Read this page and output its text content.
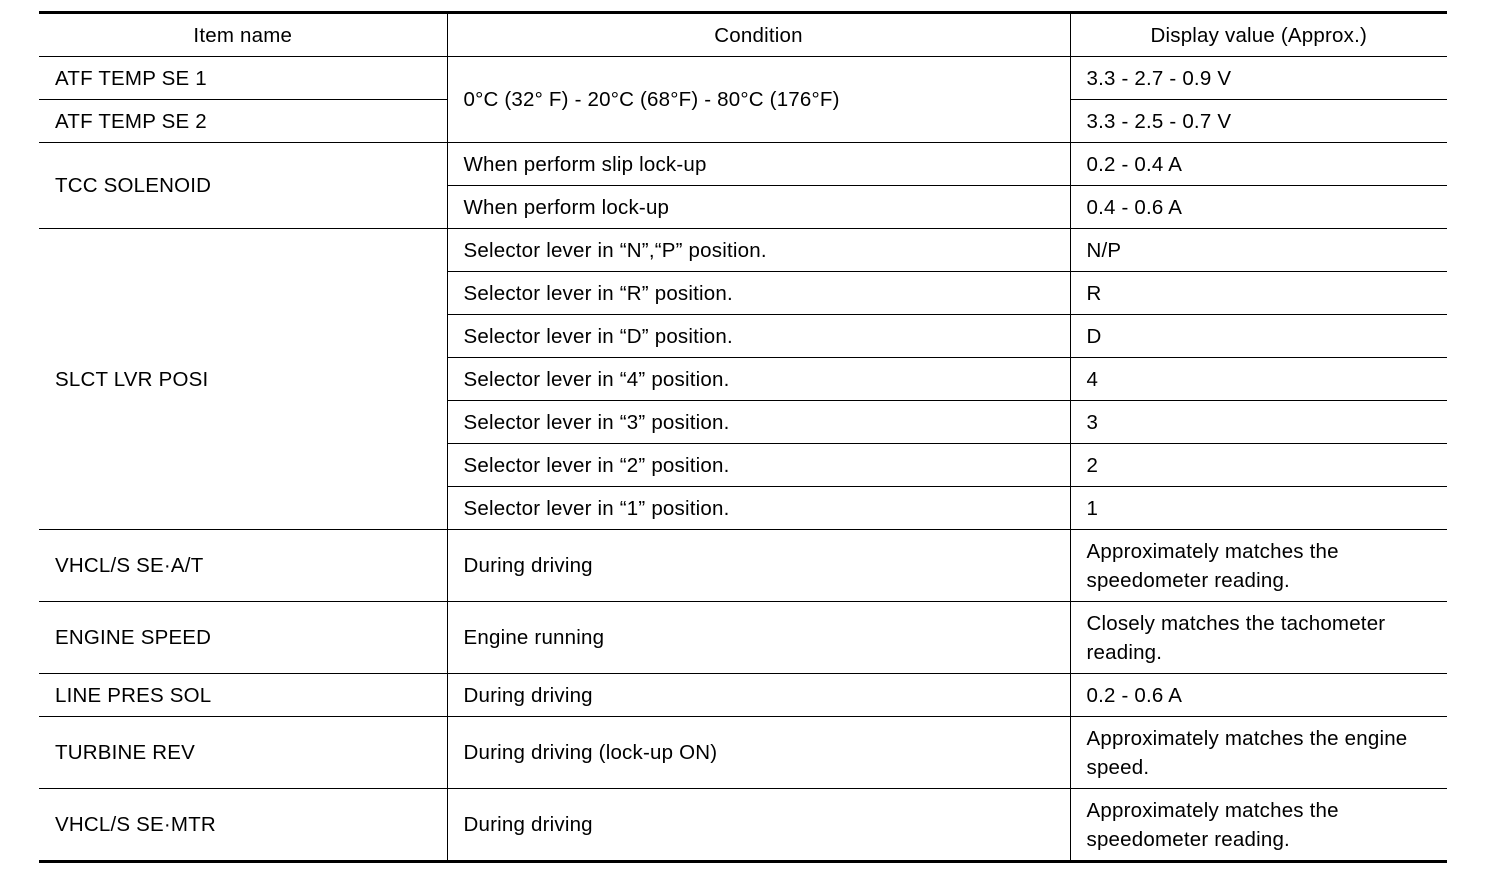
Item name	Condition	Display value (Approx.)
ATF TEMP SE 1	0°C (32° F) - 20°C (68°F) - 80°C (176°F)	3.3 - 2.7 - 0.9 V
ATF TEMP SE 2		3.3 - 2.5 - 0.7 V
TCC SOLENOID	When perform slip lock-up	0.2 - 0.4 A
	When perform lock-up	0.4 - 0.6 A
SLCT LVR POSI	Selector lever in “N”,“P” position.	N/P
	Selector lever in “R” position.	R
	Selector lever in “D” position.	D
	Selector lever in “4” position.	4
	Selector lever in “3” position.	3
	Selector lever in “2” position.	2
	Selector lever in “1” position.	1
VHCL/S SE·A/T	During driving	Approximately matches the speedometer reading.
ENGINE SPEED	Engine running	Closely matches the tachometer reading.
LINE PRES SOL	During driving	0.2 - 0.6 A
TURBINE REV	During driving (lock-up ON)	Approximately matches the engine speed.
VHCL/S SE·MTR	During driving	Approximately matches the speedometer reading.
